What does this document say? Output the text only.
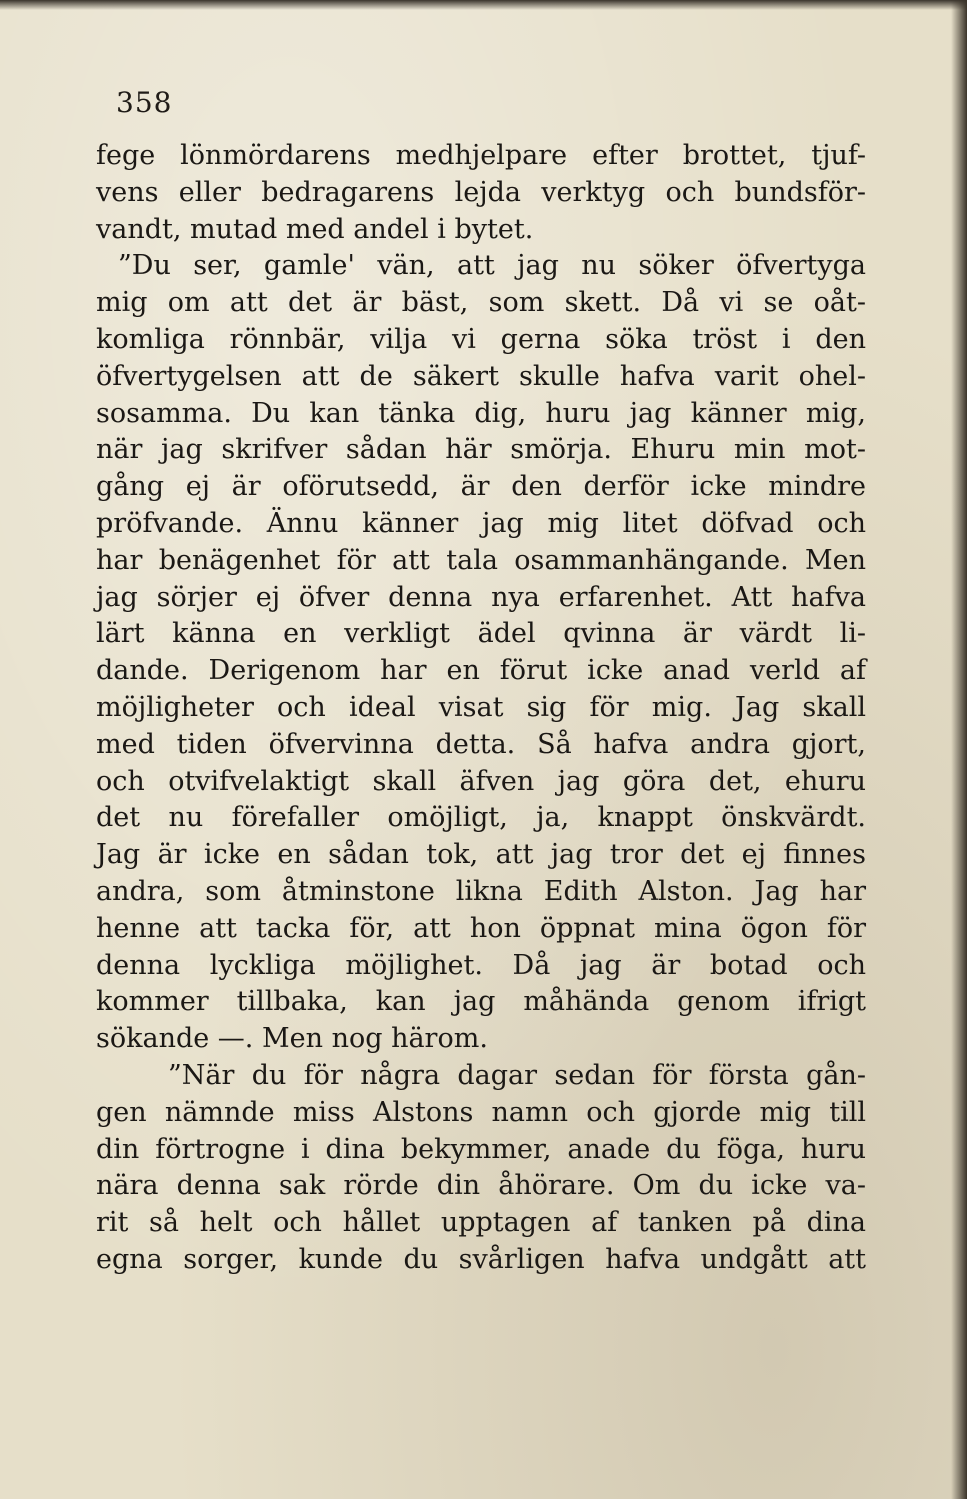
358
fege lönmördarens medhjelpare efter brottet, tjuf-
vens eller bedragarens lejda verktyg och bundsför-
vandt, mutad med andel i bytet.
”Du ser, gamle' vän, att jag nu söker öfvertyga
mig om att det är bäst, som skett. Då vi se oåt-
komliga rönnbär, vilja vi gerna söka tröst i den
öfvertygelsen att de säkert skulle hafva varit ohel-
sosamma. Du kan tänka dig, huru jag känner mig,
när jag skrifver sådan här smörja. Ehuru min mot-
gång ej är oförutsedd, är den derför icke mindre
pröfvande. Ännu känner jag mig litet döfvad och
har benägenhet för att tala osammanhängande. Men
jag sörjer ej öfver denna nya erfarenhet. Att hafva
lärt känna en verkligt ädel qvinna är värdt li-
dande. Derigenom har en förut icke anad verld af
möjligheter och ideal visat sig för mig. Jag skall
med tiden öfvervinna detta. Så hafva andra gjort,
och otvifvelaktigt skall äfven jag göra det, ehuru
det nu förefaller omöjligt, ja, knappt önskvärdt.
Jag är icke en sådan tok, att jag tror det ej finnes
andra, som åtminstone likna Edith Alston. Jag har
henne att tacka för, att hon öppnat mina ögon för
denna lyckliga möjlighet. Då jag är botad och
kommer tillbaka, kan jag måhända genom ifrigt
sökande —. Men nog härom.
”När du för några dagar sedan för första gån-
gen nämnde miss Alstons namn och gjorde mig till
din förtrogne i dina bekymmer, anade du föga, huru
nära denna sak rörde din åhörare. Om du icke va-
rit så helt och hållet upptagen af tanken på dina
egna sorger, kunde du svårligen hafva undgått att
